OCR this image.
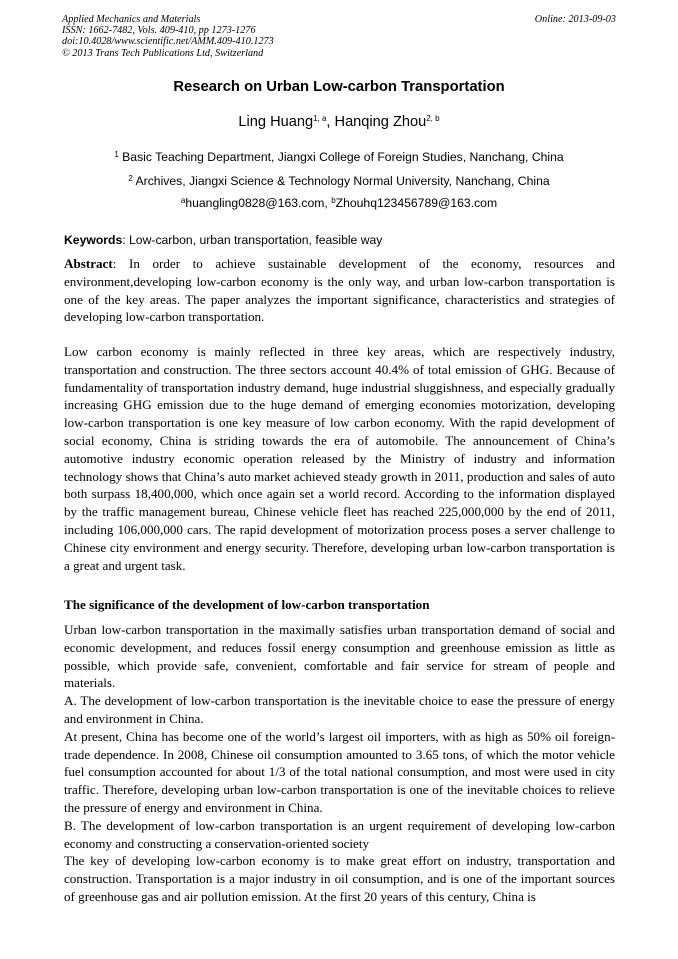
Applied Mechanics and Materials
ISSN: 1662-7482, Vols. 409-410, pp 1273-1276
doi:10.4028/www.scientific.net/AMM.409-410.1273
© 2013 Trans Tech Publications Ltd, Switzerland
Online: 2013-09-03
Research on Urban Low-carbon Transportation
Ling Huang$^{1, a}$, Hanqing Zhou$^{2, b}$
$^1$ Basic Teaching Department, Jiangxi College of Foreign Studies, Nanchang, China
$^2$ Archives, Jiangxi Science & Technology Normal University, Nanchang, China
$^a$huangling0828@163.com, $^b$Zhouhq123456789@163.com
Keywords: Low-carbon, urban transportation, feasible way

Abstract: In order to achieve sustainable development of the economy, resources and environment,developing low-carbon economy is the only way, and urban low-carbon transportation is one of the key areas. The paper analyzes the important significance, characteristics and strategies of developing low-carbon transportation.

Low carbon economy is mainly reflected in three key areas, which are respectively industry, transportation and construction. The three sectors account 40.4% of total emission of GHG. Because of fundamentality of transportation industry demand, huge industrial sluggishness, and especially gradually increasing GHG emission due to the huge demand of emerging economies motorization, developing low-carbon transportation is one key measure of low carbon economy. With the rapid development of social economy, China is striding towards the era of automobile. The announcement of China’s automotive industry economic operation released by the Ministry of industry and information technology shows that China’s auto market achieved steady growth in 2011, production and sales of auto both surpass 18,400,000, which once again set a world record. According to the information displayed by the traffic management bureau, Chinese vehicle fleet has reached 225,000,000 by the end of 2011, including 106,000,000 cars. The rapid development of motorization process poses a server challenge to Chinese city environment and energy security. Therefore, developing urban low-carbon transportation is a great and urgent task.

The significance of the development of low-carbon transportation

Urban low-carbon transportation in the maximally satisfies urban transportation demand of social and economic development, and reduces fossil energy consumption and greenhouse emission as little as possible, which provide safe, convenient, comfortable and fair service for stream of people and materials.

A. The development of low-carbon transportation is the inevitable choice to ease the pressure of energy and environment in China.

At present, China has become one of the world’s largest oil importers, with as high as 50% oil foreign-trade dependence. In 2008, Chinese oil consumption amounted to 3.65 tons, of which the motor vehicle fuel consumption accounted for about 1/3 of the total national consumption, and most were used in city traffic. Therefore, developing urban low-carbon transportation is one of the inevitable choices to relieve the pressure of energy and environment in China.

B. The development of low-carbon transportation is an urgent requirement of developing low-carbon economy and constructing a conservation-oriented society

The key of developing low-carbon economy is to make great effort on industry, transportation and construction. Transportation is a major industry in oil consumption, and is one of the important sources of greenhouse gas and air pollution emission. At the first 20 years of this century, China is
